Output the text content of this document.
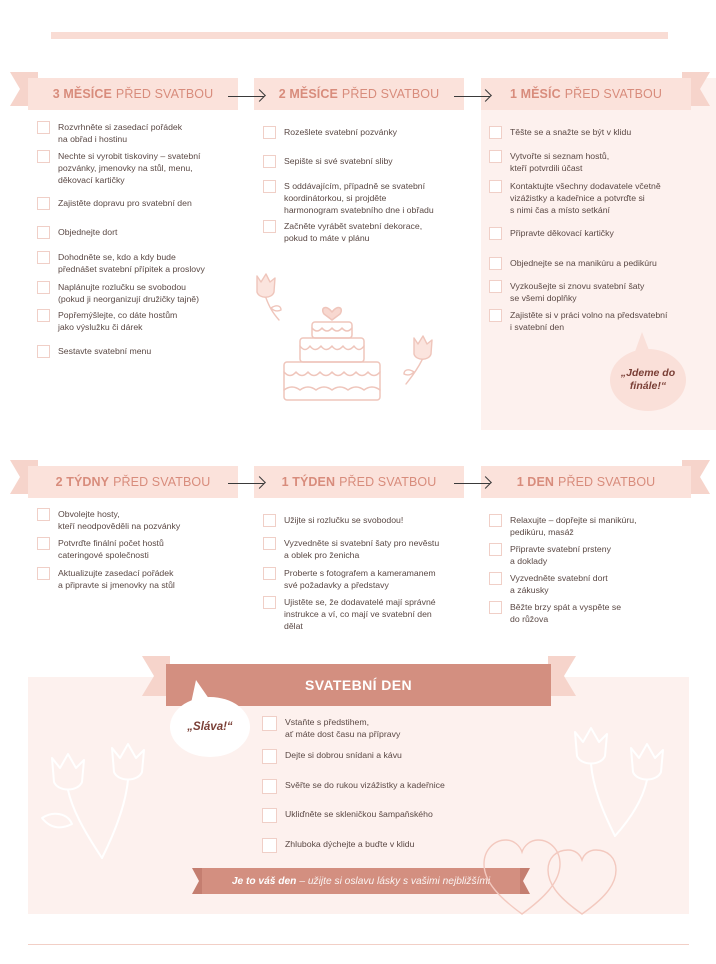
3 MĚSÍCE PŘED SVATBOU	2 MĚSÍCE PŘED SVATBOU	1 MĚSÍC PŘED SVATBOU
Rozvrhněte si zasedací pořádek
na obřad i hostinu
Nechte si vyrobit tiskoviny – svatební
pozvánky, jmenovky na stůl, menu,
děkovací kartičky
Zajistěte dopravu pro svatební den
Objednejte dort
Dohodněte se, kdo a kdy bude
přednášet svatební přípitek a proslovy
Naplánujte rozlučku se svobodou
(pokud ji neorganizují družičky tajně)
Popřemýšlejte, co dáte hostům
jako výslužku či dárek
Sestavte svatební menu
Rozešlete svatební pozvánky
Sepište si své svatební sliby
S oddávajícím, případně se svatební
koordinátorkou, si projděte
harmonogram svatebního dne i obřadu
Začněte vyrábět svatební dekorace,
pokud to máte v plánu
Těšte se a snažte se být v klidu
Vytvořte si seznam hostů,
kteří potvrdili účast
Kontaktujte všechny dodavatele včetně
vizážistky a kadeřnice a potvrďte si
s nimi čas a místo setkání
Připravte děkovací kartičky
Objednejte se na manikúru a pedikúru
Vyzkoušejte si znovu svatební šaty
se všemi doplňky
Zajistěte si v práci volno na předsvatební
i svatební den
„Jdeme do
finále!“
2 TÝDNY PŘED SVATBOU	1 TÝDEN PŘED SVATBOU	1 DEN PŘED SVATBOU
Obvolejte hosty,
kteří neodpověděli na pozvánky
Potvrďte finální počet hostů
cateringové společnosti
Aktualizujte zasedací pořádek
a připravte si jmenovky na stůl
Užijte si rozlučku se svobodou!
Vyzvedněte si svatební šaty pro nevěstu
a oblek pro ženicha
Proberte s fotografem a kameramanem
své požadavky a představy
Ujistěte se, že dodavatelé mají správné
instrukce a ví, co mají ve svatební den
dělat
Relaxujte – dopřejte si manikúru,
pedikúru, masáž
Připravte svatební prsteny
a doklady
Vyzvedněte svatební dort
a zákusky
Běžte brzy spát a vyspěte se
do růžova
SVATEBNÍ DEN
„Sláva!“	Vstaňte s předstihem,
ať máte dost času na přípravy
Dejte si dobrou snídani a kávu
Svěřte se do rukou vizážistky a kadeřnice
Ukliďněte se skleničkou šampaňského
Zhluboka dýchejte a buďte v klidu
Je to váš den – užijte si oslavu lásky s vašimi nejbližšími
